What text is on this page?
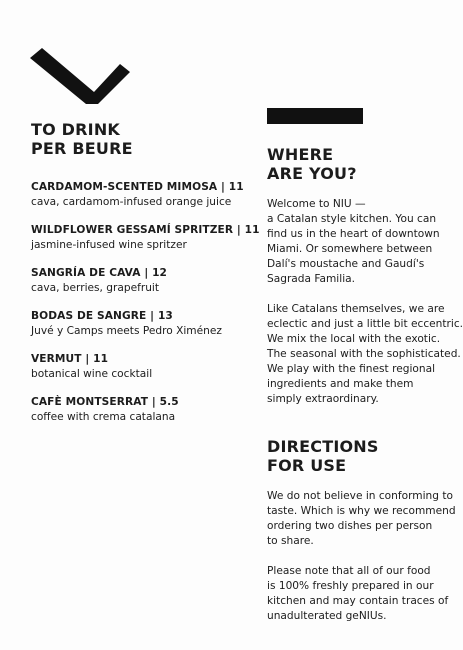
TO DRINK
PER BEURE
CARDAMOM-SCENTED MIMOSA | 11
cava, cardamom-infused orange juice
WILDFLOWER GESSAMÍ SPRITZER | 11
jasmine-infused wine spritzer
SANGRÍA DE CAVA | 12
cava, berries, grapefruit
BODAS DE SANGRE | 13
Juvé y Camps meets Pedro Ximénez
VERMUT | 11
botanical wine cocktail
CAFÈ MONTSERRAT | 5.5
coffee with crema catalana
WHERE
ARE YOU?

Welcome to NIU —
a Catalan style kitchen. You can
find us in the heart of downtown
Miami. Or somewhere between
Dalí's moustache and Gaudí's
Sagrada Familia.

Like Catalans themselves, we are
eclectic and just a little bit eccentric.
We mix the local with the exotic.
The seasonal with the sophisticated.
We play with the finest regional
ingredients and make them
simply extraordinary.

DIRECTIONS
FOR USE

We do not believe in conforming to
taste. Which is why we recommend
ordering two dishes per person
to share.

Please note that all of our food
is 100% freshly prepared in our
kitchen and may contain traces of
unadulterated geNIUs.
